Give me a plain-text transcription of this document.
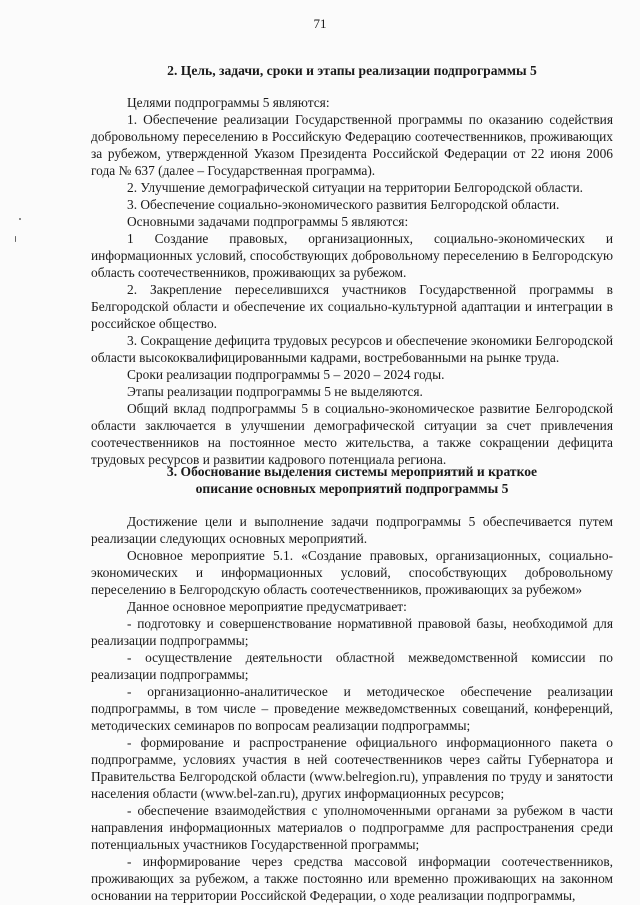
71
2. Цель, задачи, сроки и этапы реализации подпрограммы 5

Целями подпрограммы 5 являются:

1. Обеспечение реализации Государственной программы по оказанию содействия добровольному переселению в Российскую Федерацию соотечественников, проживающих за рубежом, утвержденной Указом Президента Российской Федерации от 22 июня 2006 года № 637 (далее – Государственная программа).

2. Улучшение демографической ситуации на территории Белгородской области.

3. Обеспечение социально-экономического развития Белгородской области.

Основными задачами подпрограммы 5 являются:

1 Создание правовых, организационных, социально-экономических и информационных условий, способствующих добровольному переселению в Белгородскую область соотечественников, проживающих за рубежом.

2. Закрепление переселившихся участников Государственной программы в Белгородской области и обеспечение их социально-культурной адаптации и интеграции в российское общество.

3. Сокращение дефицита трудовых ресурсов и обеспечение экономики Белгородской области высококвалифицированными кадрами, востребованными на рынке труда.

Сроки реализации подпрограммы 5 – 2020 – 2024 годы.

Этапы реализации подпрограммы 5 не выделяются.

Общий вклад подпрограммы 5 в социально-экономическое развитие Белгородской области заключается в улучшении демографической ситуации за счет привлечения соотечественников на постоянное место жительства, а также сокращении дефицита трудовых ресурсов и развитии кадрового потенциала региона.

3. Обоснование выделения системы мероприятий и краткое
описание основных мероприятий подпрограммы 5

Достижение цели и выполнение задачи подпрограммы 5 обеспечивается путем реализации следующих основных мероприятий.

Основное мероприятие 5.1. «Создание правовых, организационных, социально-экономических и информационных условий, способствующих добровольному переселению в Белгородскую область соотечественников, проживающих за рубежом»

Данное основное мероприятие предусматривает:

- подготовку и совершенствование нормативной правовой базы, необходимой для реализации подпрограммы;

- осуществление деятельности областной межведомственной комиссии по реализации подпрограммы;

- организационно-аналитическое и методическое обеспечение реализации подпрограммы, в том числе – проведение межведомственных совещаний, конференций, методических семинаров по вопросам реализации подпрограммы;

- формирование и распространение официального информационного пакета о подпрограмме, условиях участия в ней соотечественников через сайты Губернатора и Правительства Белгородской области (www.belregion.ru), управления по труду и занятости населения области (www.bel-zan.ru), других информационных ресурсов;

- обеспечение взаимодействия с уполномоченными органами за рубежом в части направления информационных материалов о подпрограмме для распространения среди потенциальных участников Государственной программы;

- информирование через средства массовой информации соотечественников, проживающих за рубежом, а также постоянно или временно проживающих на законном основании на территории Российской Федерации, о ходе реализации подпрограммы,
